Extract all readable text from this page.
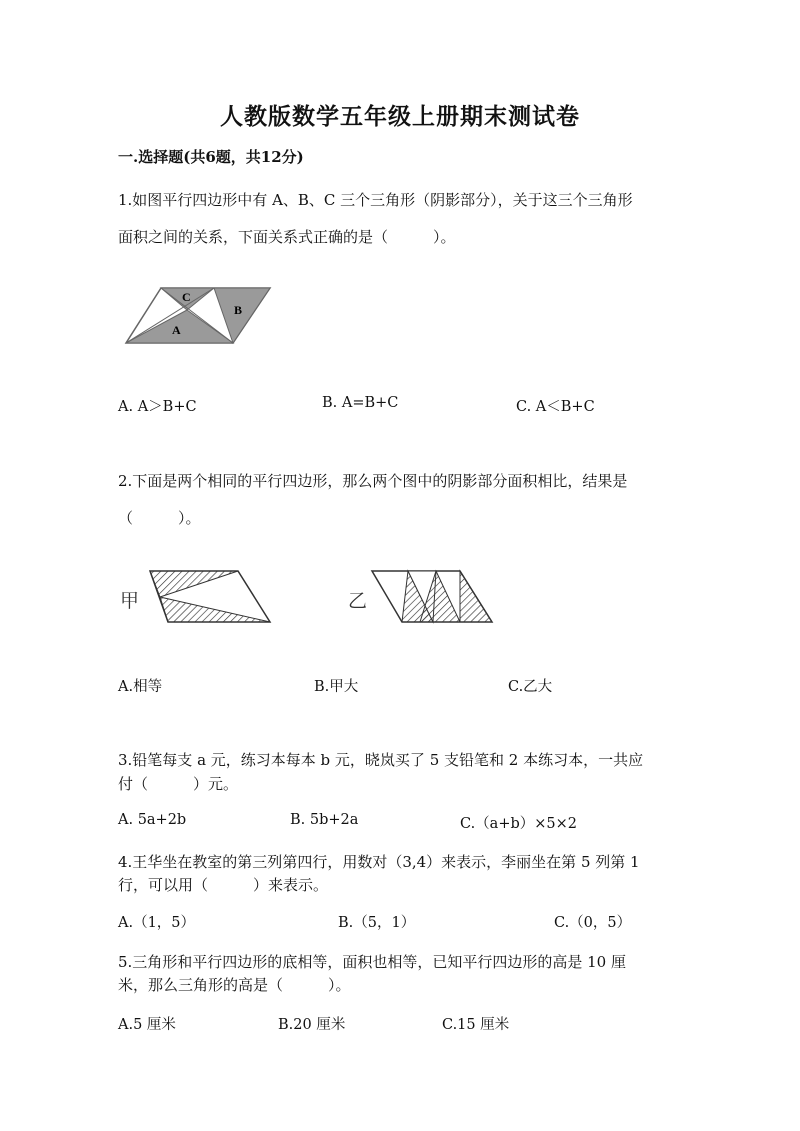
人教版数学五年级上册期末测试卷
一.选择题(共6题，共12分)
1.如图平行四边形中有 A、B、C 三个三角形（阴影部分），关于这三个三角形
面积之间的关系，下面关系式正确的是（　　　）。
C
A
B
A. A＞B+C	B. A=B+C	C. A＜B+C
2.下面是两个相同的平行四边形，那么两个图中的阴影部分面积相比，结果是
（　　　）。
甲	乙
A.相等	B.甲大	C.乙大
3.铅笔每支 a 元，练习本每本 b 元，晓岚买了 5 支铅笔和 2 本练习本，一共应
付（　　　）元。
A. 5a+2b	B. 5b+2a	C.（a+b）×5×2
4.王华坐在教室的第三列第四行，用数对（3,4）来表示，李丽坐在第 5 列第 1
行，可以用（　　　）来表示。
A.（1，5）	B.（5，1）	C.（0，5）
5.三角形和平行四边形的底相等，面积也相等，已知平行四边形的高是 10 厘
米，那么三角形的高是（　　　）。
A.5 厘米	B.20 厘米	C.15 厘米
